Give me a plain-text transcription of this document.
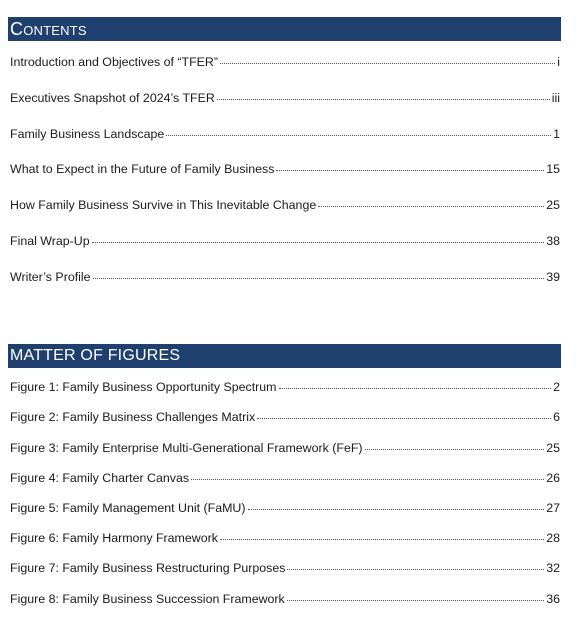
Contents
Introduction and Objectives of “TFER”	i
Executives Snapshot of 2024’s TFER	iii
Family Business Landscape	1
What to Expect in the Future of Family Business	15
How Family Business Survive in This Inevitable Change	25
Final Wrap-Up	38
Writer’s Profile	39
MATTER OF FIGURES
Figure 1: Family Business Opportunity Spectrum	2
Figure 2: Family Business Challenges Matrix	6
Figure 3: Family Enterprise Multi-Generational Framework (FeF)	25
Figure 4: Family Charter Canvas	26
Figure 5: Family Management Unit (FaMU)	27
Figure 6: Family Harmony Framework	28
Figure 7: Family Business Restructuring Purposes	32
Figure 8: Family Business Succession Framework	36
